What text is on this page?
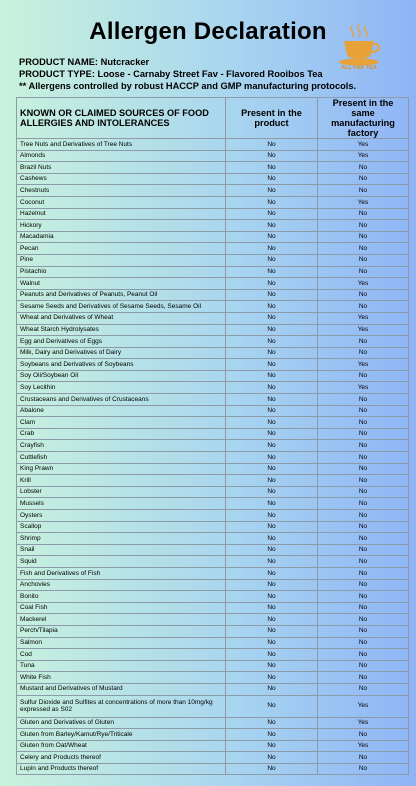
Allergen Declaration
ALL PAK TEA
PRODUCT NAME: Nutcracker
PRODUCT TYPE: Loose - Carnaby Street Fav - Flavored Rooibos Tea
** Allergens controlled by robust HACCP and GMP manufacturing protocols.
KNOWN OR CLAIMED SOURCES OF FOOD ALLERGIES AND INTOLERANCES	Present in the product	Present in the same manufacturing factory
Tree Nuts and Derivatives of Tree Nuts	No	Yes
Almonds	No	Yes
Brazil Nuts	No	No
Cashews	No	No
Chestnuts	No	No
Coconut	No	Yes
Hazelnut	No	No
Hickory	No	No
Macadamia	No	No
Pecan	No	No
Pine	No	No
Pistachio	No	No
Walnut	No	Yes
Peanuts and Derivatives of Peanuts, Peanut Oil	No	No
Sesame Seeds and Derivatives of Sesame Seeds, Sesame Oil	No	No
Wheat and Derivatives of Wheat	No	Yes
Wheat Starch Hydrolysates	No	Yes
Egg and Derivatives of Eggs	No	No
Milk, Dairy and Derivatives of Dairy	No	No
Soybeans and Derivatives of Soybeans	No	Yes
Soy Oil/Soybean Oil	No	No
Soy Lecithin	No	Yes
Crustaceans and Derivatives of Crustaceans	No	No
Abalone	No	No
Clam	No	No
Crab	No	No
Crayfish	No	No
Cuttlefish	No	No
King Prawn	No	No
Krill	No	No
Lobster	No	No
Mussels	No	No
Oysters	No	No
Scallop	No	No
Shrimp	No	No
Snail	No	No
Squid	No	No
Fish and Derivatives of Fish	No	No
Anchovies	No	No
Bonito	No	No
Coal Fish	No	No
Mackerel	No	No
Perch/Tilapia	No	No
Salmon	No	No
Cod	No	No
Tuna	No	No
White Fish	No	No
Mustard and Derivatives of Mustard	No	No
Sulfur Dioxide and Sulfites at concentrations of more than 10mg/kg expressed as S02	No	Yes
Gluten and Derivatives of Gluten	No	Yes
Gluten from Barley/Kamut/Rye/Triticale	No	No
Gluten from Oat/Wheat	No	Yes
Celery and Products thereof	No	No
Lupin and Products thereof	No	No
